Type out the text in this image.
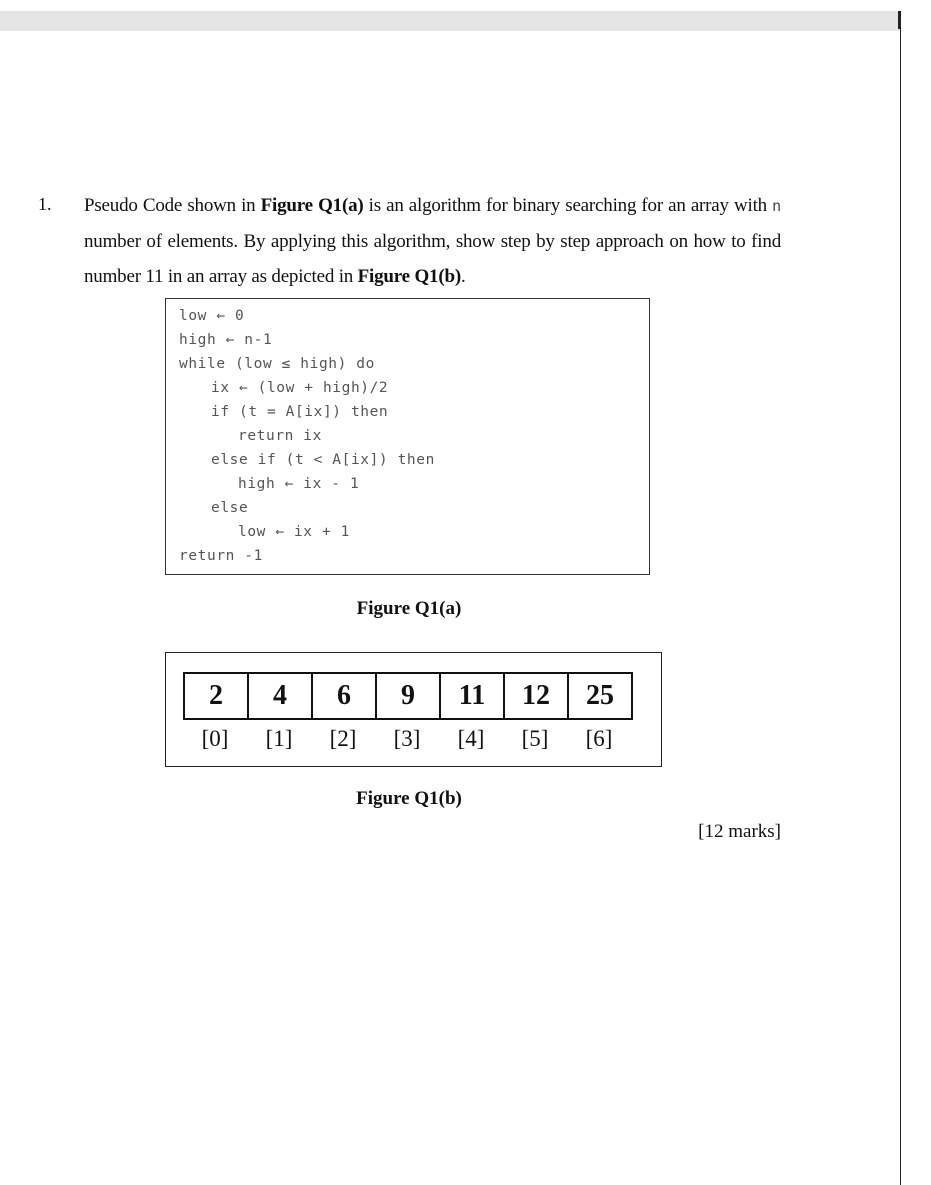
1. Pseudo Code shown in Figure Q1(a) is an algorithm for binary searching for an array with n number of elements. By applying this algorithm, show step by step approach on how to find number 11 in an array as depicted in Figure Q1(b).
low ← 0
high ← n-1
while (low ≤ high) do
ix ← (low + high)/2
if (t = A[ix]) then
return ix
else if (t < A[ix]) then
high ← ix - 1
else
low ← ix + 1
return -1
Figure Q1(a)
2	4	6	9	11	12	25
[0]	[1]	[2]	[3]	[4]	[5]	[6]
Figure Q1(b)
[12 marks]
